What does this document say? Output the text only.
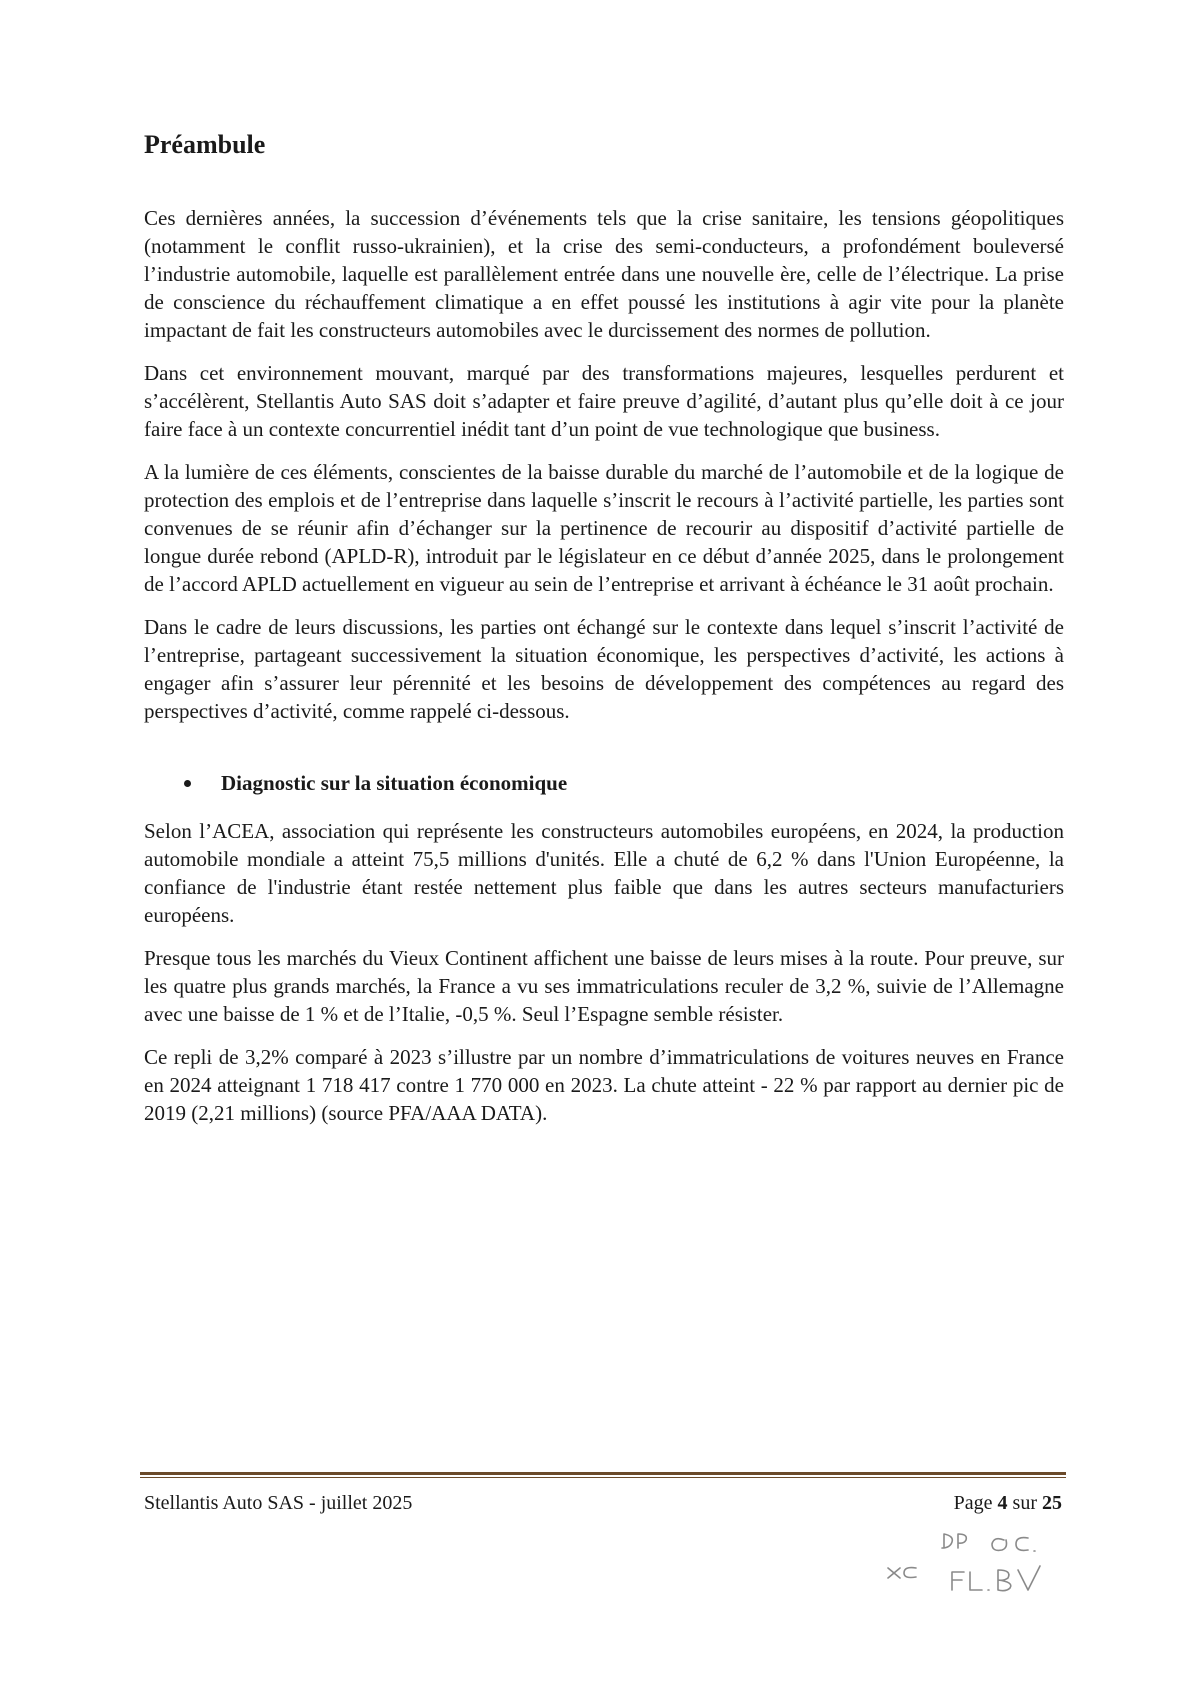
Préambule

Ces dernières années, la succession d’événements tels que la crise sanitaire, les tensions géopolitiques (notamment le conflit russo-ukrainien), et la crise des semi-conducteurs, a profondément bouleversé l’industrie automobile, laquelle est parallèlement entrée dans une nouvelle ère, celle de l’électrique. La prise de conscience du réchauffement climatique a en effet poussé les institutions à agir vite pour la planète impactant de fait les constructeurs automobiles avec le durcissement des normes de pollution.

Dans cet environnement mouvant, marqué par des transformations majeures, lesquelles perdurent et s’accélèrent, Stellantis Auto SAS doit s’adapter et faire preuve d’agilité, d’autant plus qu’elle doit à ce jour faire face à un contexte concurrentiel inédit tant d’un point de vue technologique que business.

A la lumière de ces éléments, conscientes de la baisse durable du marché de l’automobile et de la logique de protection des emplois et de l’entreprise dans laquelle s’inscrit le recours à l’activité partielle, les parties sont convenues de se réunir afin d’échanger sur la pertinence de recourir au dispositif d’activité partielle de longue durée rebond (APLD-R), introduit par le législateur en ce début d’année 2025, dans le prolongement de l’accord APLD actuellement en vigueur au sein de l’entreprise et arrivant à échéance le 31 août prochain.

Dans le cadre de leurs discussions, les parties ont échangé sur le contexte dans lequel s’inscrit l’activité de l’entreprise, partageant successivement la situation économique, les perspectives d’activité, les actions à engager afin s’assurer leur pérennité et les besoins de développement des compétences au regard des perspectives d’activité, comme rappelé ci-dessous.

Diagnostic sur la situation économique

Selon l’ACEA, association qui représente les constructeurs automobiles européens, en 2024, la production automobile mondiale a atteint 75,5 millions d'unités. Elle a chuté de 6,2 % dans l'Union Européenne, la confiance de l'industrie étant restée nettement plus faible que dans les autres secteurs manufacturiers européens.

Presque tous les marchés du Vieux Continent affichent une baisse de leurs mises à la route. Pour preuve, sur les quatre plus grands marchés, la France a vu ses immatriculations reculer de 3,2 %, suivie de l’Allemagne avec une baisse de 1 % et de l’Italie, -0,5 %. Seul l’Espagne semble résister.

Ce repli de 3,2% comparé à 2023 s’illustre par un nombre d’immatriculations de voitures neuves en France en 2024 atteignant 1 718 417 contre 1 770 000 en 2023. La chute atteint - 22 % par rapport au dernier pic de 2019 (2,21 millions) (source PFA/AAA DATA).

Stellantis Auto SAS - juillet 2025	Page 4 sur 25
